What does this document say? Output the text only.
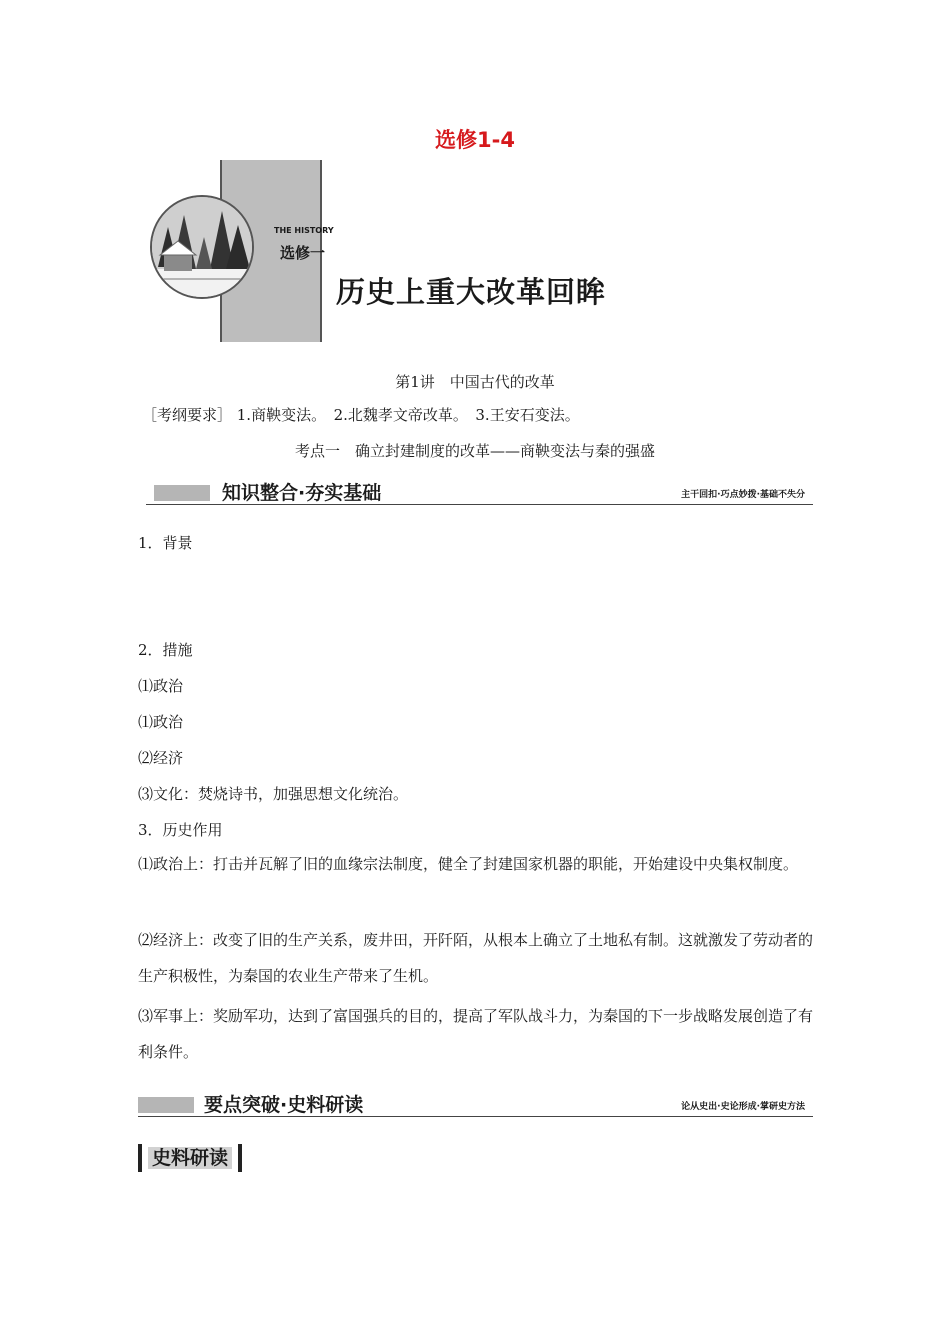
选修1-4
THE HISTORY
选修一
历史上重大改革回眸
第1讲　中国古代的改革
［考纲要求］ 1.商鞅变法。　2.北魏孝文帝改革。　3.王安石变法。
考点一　确立封建制度的改革——商鞅变法与秦的强盛
知识整合·夯实基础	主干回扣·巧点妙拨·基础不失分
1．背景
2．措施
⑴政治
⑴政治
⑵经济
⑶文化：焚烧诗书，加强思想文化统治。
3．历史作用
⑴政治上：打击并瓦解了旧的血缘宗法制度，健全了封建国家机器的职能，开始建设中央集权制度。
⑵经济上：改变了旧的生产关系，废井田，开阡陌，从根本上确立了土地私有制。这就激发了劳动者的生产积极性，为秦国的农业生产带来了生机。
⑶军事上：奖励军功，达到了富国强兵的目的，提高了军队战斗力，为秦国的下一步战略发展创造了有利条件。
要点突破·史料研读	论从史出·史论形成·掌研史方法
史料研读
